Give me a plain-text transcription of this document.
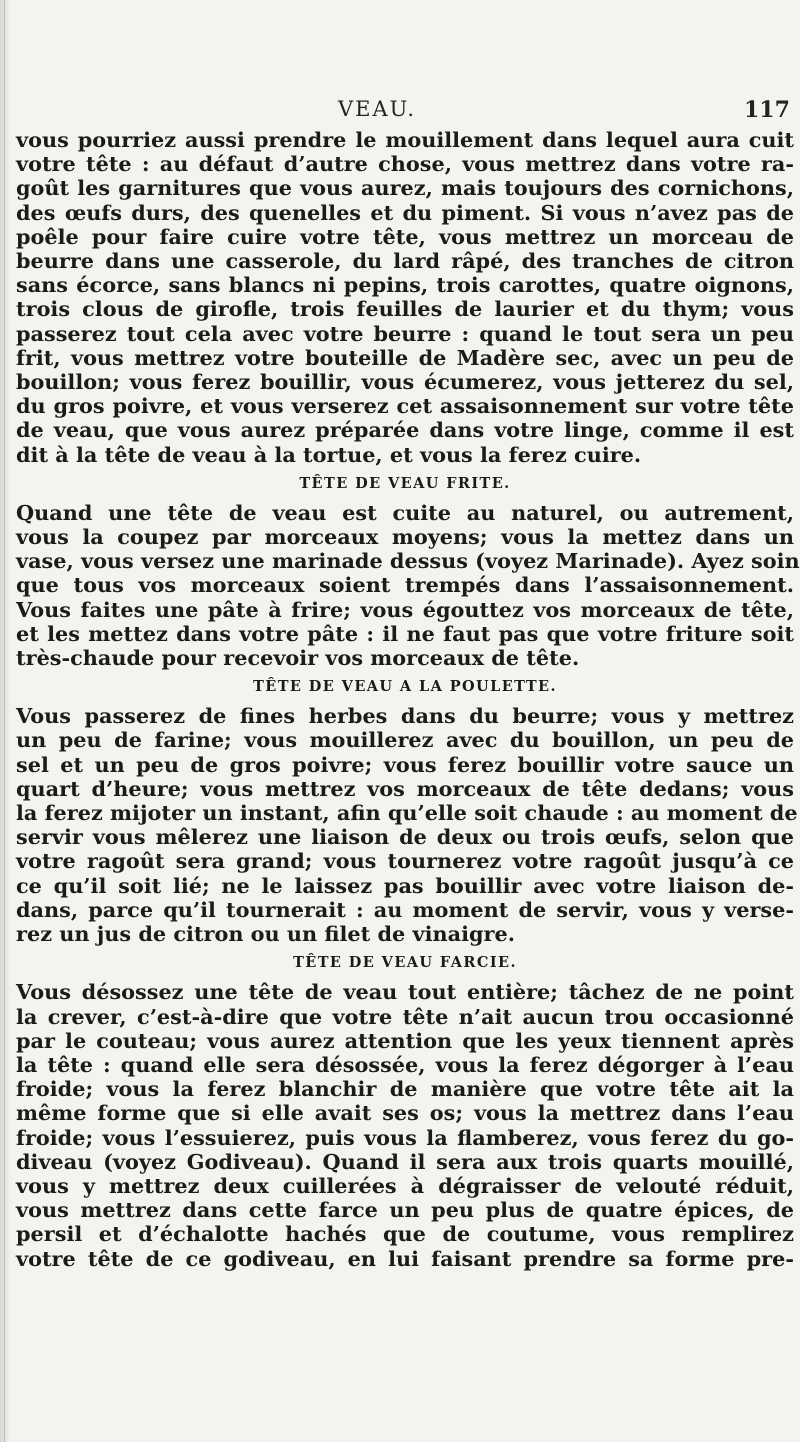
VEAU.	117
vous pourriez aussi prendre le mouillement dans lequel aura cuit
votre tête : au défaut d’autre chose, vous mettrez dans votre ra-
goût les garnitures que vous aurez, mais toujours des cornichons,
des œufs durs, des quenelles et du piment. Si vous n’avez pas de
poêle pour faire cuire votre tête, vous mettrez un morceau de
beurre dans une casserole, du lard râpé, des tranches de citron
sans écorce, sans blancs ni pepins, trois carottes, quatre oignons,
trois clous de girofle, trois feuilles de laurier et du thym; vous
passerez tout cela avec votre beurre : quand le tout sera un peu
frit, vous mettrez votre bouteille de Madère sec, avec un peu de
bouillon; vous ferez bouillir, vous écumerez, vous jetterez du sel,
du gros poivre, et vous verserez cet assaisonnement sur votre tête
de veau, que vous aurez préparée dans votre linge, comme il est
dit à la tête de veau à la tortue, et vous la ferez cuire.
TÊTE DE VEAU FRITE.
Quand une tête de veau est cuite au naturel, ou autrement,
vous la coupez par morceaux moyens; vous la mettez dans un
vase, vous versez une marinade dessus (voyez Marinade). Ayez soin
que tous vos morceaux soient trempés dans l’assaisonnement.
Vous faites une pâte à frire; vous égouttez vos morceaux de tête,
et les mettez dans votre pâte : il ne faut pas que votre friture soit
très-chaude pour recevoir vos morceaux de tête.
TÊTE DE VEAU A LA POULETTE.
Vous passerez de fines herbes dans du beurre; vous y mettrez
un peu de farine; vous mouillerez avec du bouillon, un peu de
sel et un peu de gros poivre; vous ferez bouillir votre sauce un
quart d’heure; vous mettrez vos morceaux de tête dedans; vous
la ferez mijoter un instant, afin qu’elle soit chaude : au moment de
servir vous mêlerez une liaison de deux ou trois œufs, selon que
votre ragoût sera grand; vous tournerez votre ragoût jusqu’à ce
ce qu’il soit lié; ne le laissez pas bouillir avec votre liaison de-
dans, parce qu’il tournerait : au moment de servir, vous y verse-
rez un jus de citron ou un filet de vinaigre.
TÊTE DE VEAU FARCIE.
Vous désossez une tête de veau tout entière; tâchez de ne point
la crever, c’est-à-dire que votre tête n’ait aucun trou occasionné
par le couteau; vous aurez attention que les yeux tiennent après
la tête : quand elle sera désossée, vous la ferez dégorger à l’eau
froide; vous la ferez blanchir de manière que votre tête ait la
même forme que si elle avait ses os; vous la mettrez dans l’eau
froide; vous l’essuierez, puis vous la flamberez, vous ferez du go-
diveau (voyez Godiveau). Quand il sera aux trois quarts mouillé,
vous y mettrez deux cuillerées à dégraisser de velouté réduit,
vous mettrez dans cette farce un peu plus de quatre épices, de
persil et d’échalotte hachés que de coutume, vous remplirez
votre tête de ce godiveau, en lui faisant prendre sa forme pre-
